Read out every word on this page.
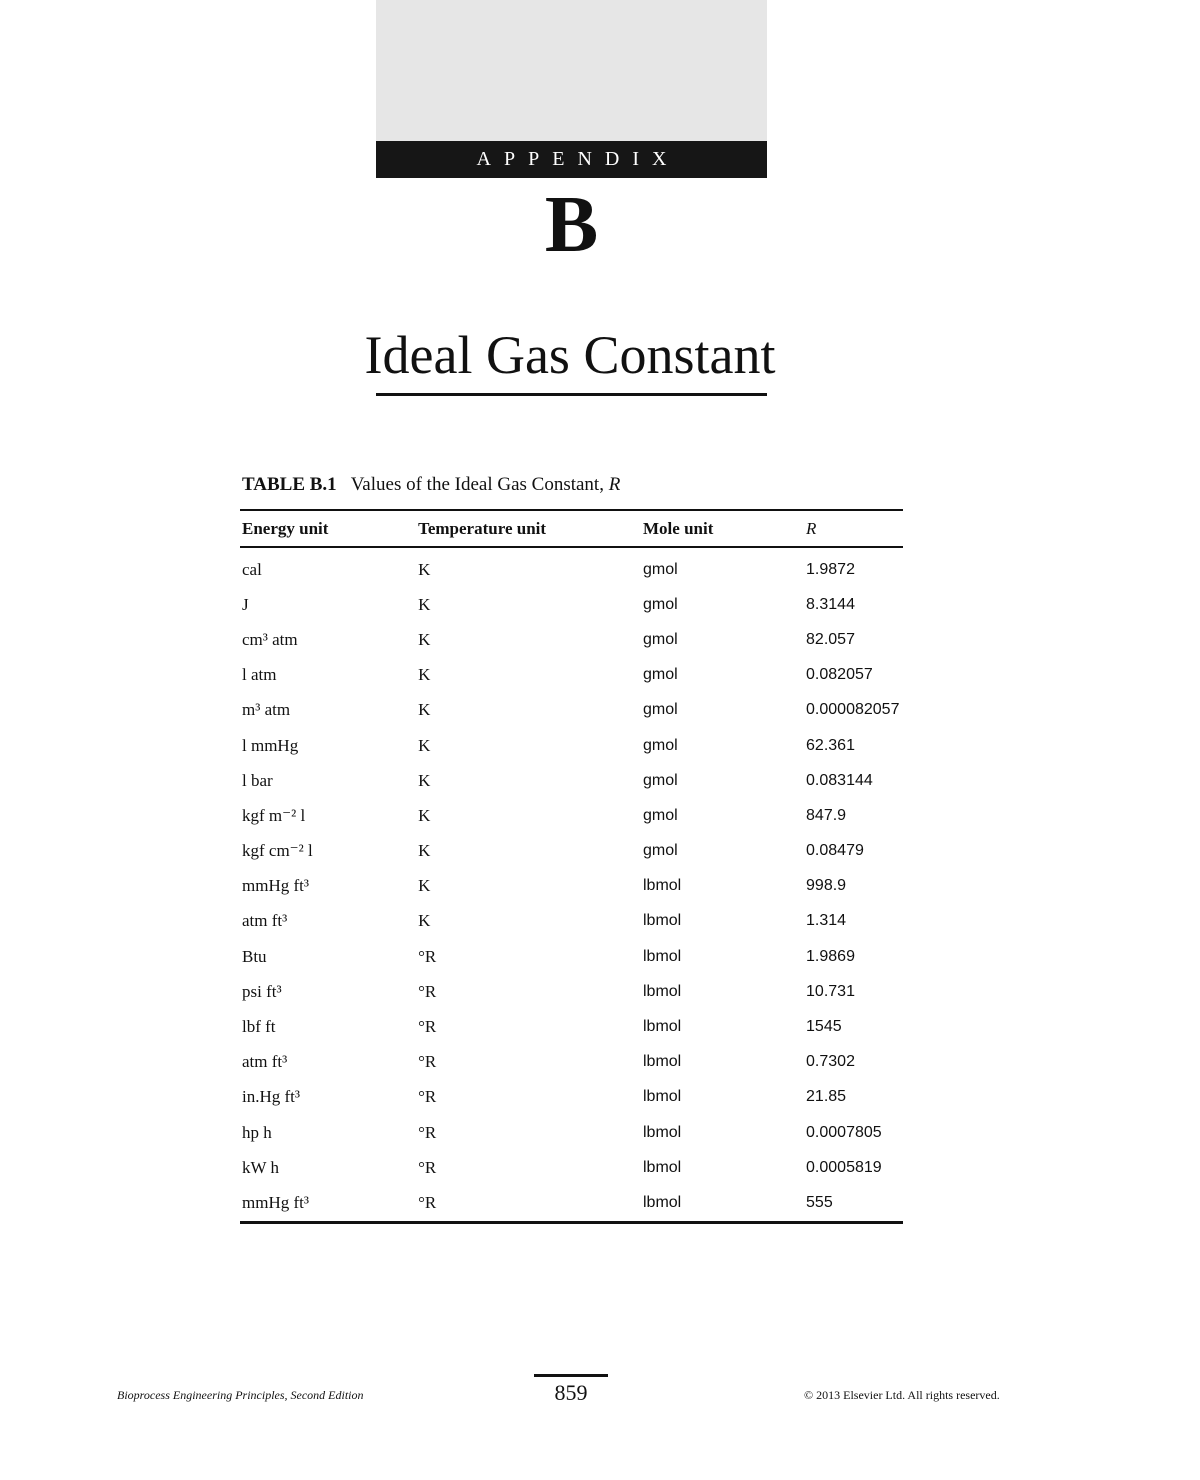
APPENDIX
B
Ideal Gas Constant
TABLE B.1 Values of the Ideal Gas Constant, R
Energy unit	Temperature unit	Mole unit	R
cal	K	gmol	1.9872
J	K	gmol	8.3144
cm³ atm	K	gmol	82.057
l atm	K	gmol	0.082057
m³ atm	K	gmol	0.000082057
l mmHg	K	gmol	62.361
l bar	K	gmol	0.083144
kgf m⁻² l	K	gmol	847.9
kgf cm⁻² l	K	gmol	0.08479
mmHg ft³	K	lbmol	998.9
atm ft³	K	lbmol	1.314
Btu	°R	lbmol	1.9869
psi ft³	°R	lbmol	10.731
lbf ft	°R	lbmol	1545
atm ft³	°R	lbmol	0.7302
in.Hg ft³	°R	lbmol	21.85
hp h	°R	lbmol	0.0007805
kW h	°R	lbmol	0.0005819
mmHg ft³	°R	lbmol	555
859
Bioprocess Engineering Principles, Second Edition	© 2013 Elsevier Ltd. All rights reserved.
